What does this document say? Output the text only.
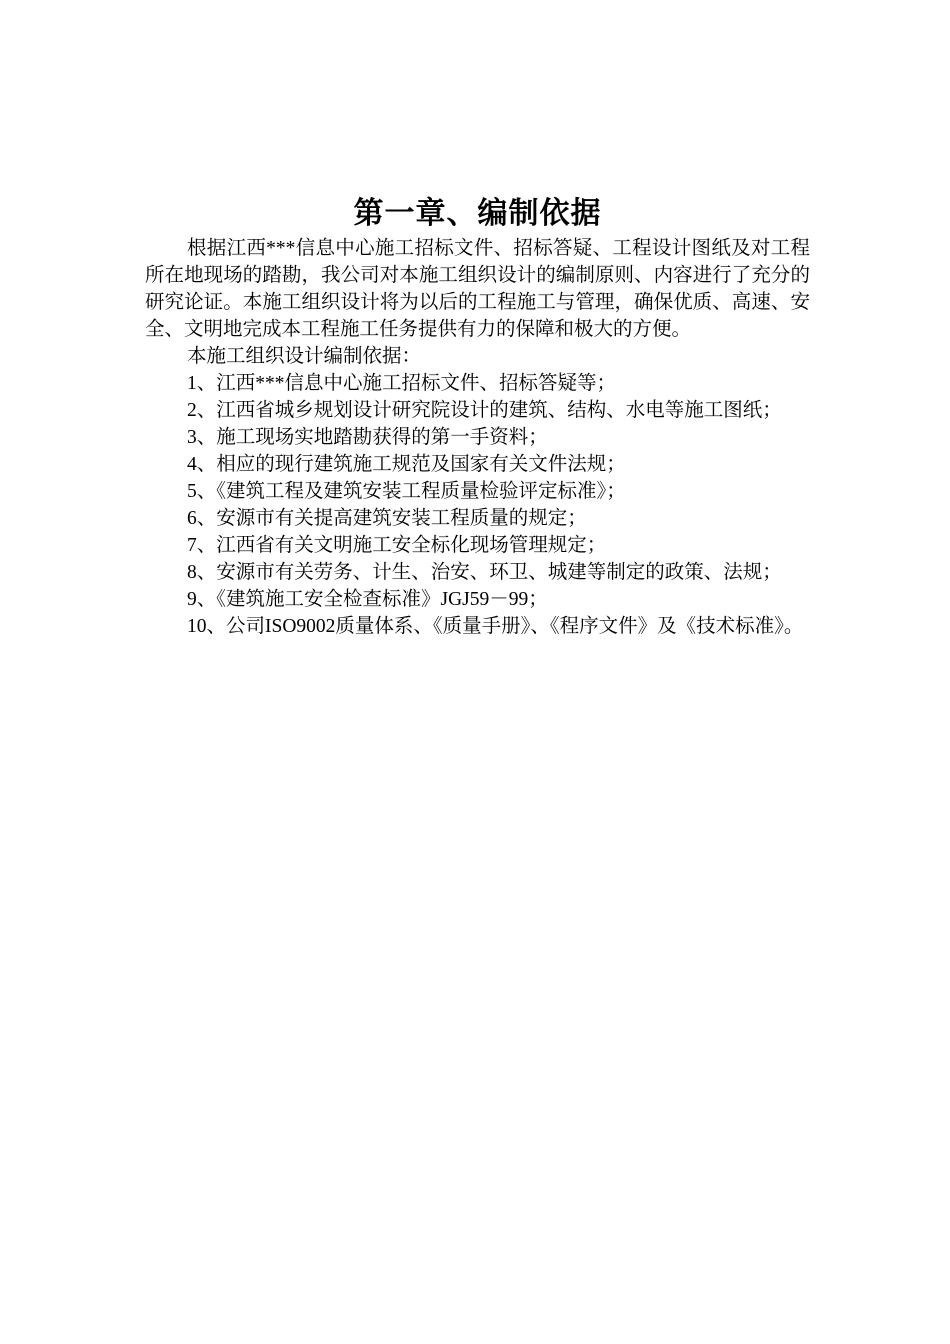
第一章、编制依据

根据江西***信息中心施工招标文件、招标答疑、工程设计图纸及对工程所在地现场的踏勘，我公司对本施工组织设计的编制原则、内容进行了充分的研究论证。本施工组织设计将为以后的工程施工与管理，确保优质、高速、安全、文明地完成本工程施工任务提供有力的保障和极大的方便。

本施工组织设计编制依据：

1、江西***信息中心施工招标文件、招标答疑等；

2、江西省城乡规划设计研究院设计的建筑、结构、水电等施工图纸；

3、施工现场实地踏勘获得的第一手资料；

4、相应的现行建筑施工规范及国家有关文件法规；

5、《建筑工程及建筑安装工程质量检验评定标准》；

6、安源市有关提高建筑安装工程质量的规定；

7、江西省有关文明施工安全标化现场管理规定；

8、安源市有关劳务、计生、治安、环卫、城建等制定的政策、法规；

9、《建筑施工安全检查标准》JGJ59－99；

10、公司ISO9002质量体系、《质量手册》、《程序文件》及《技术标准》。
